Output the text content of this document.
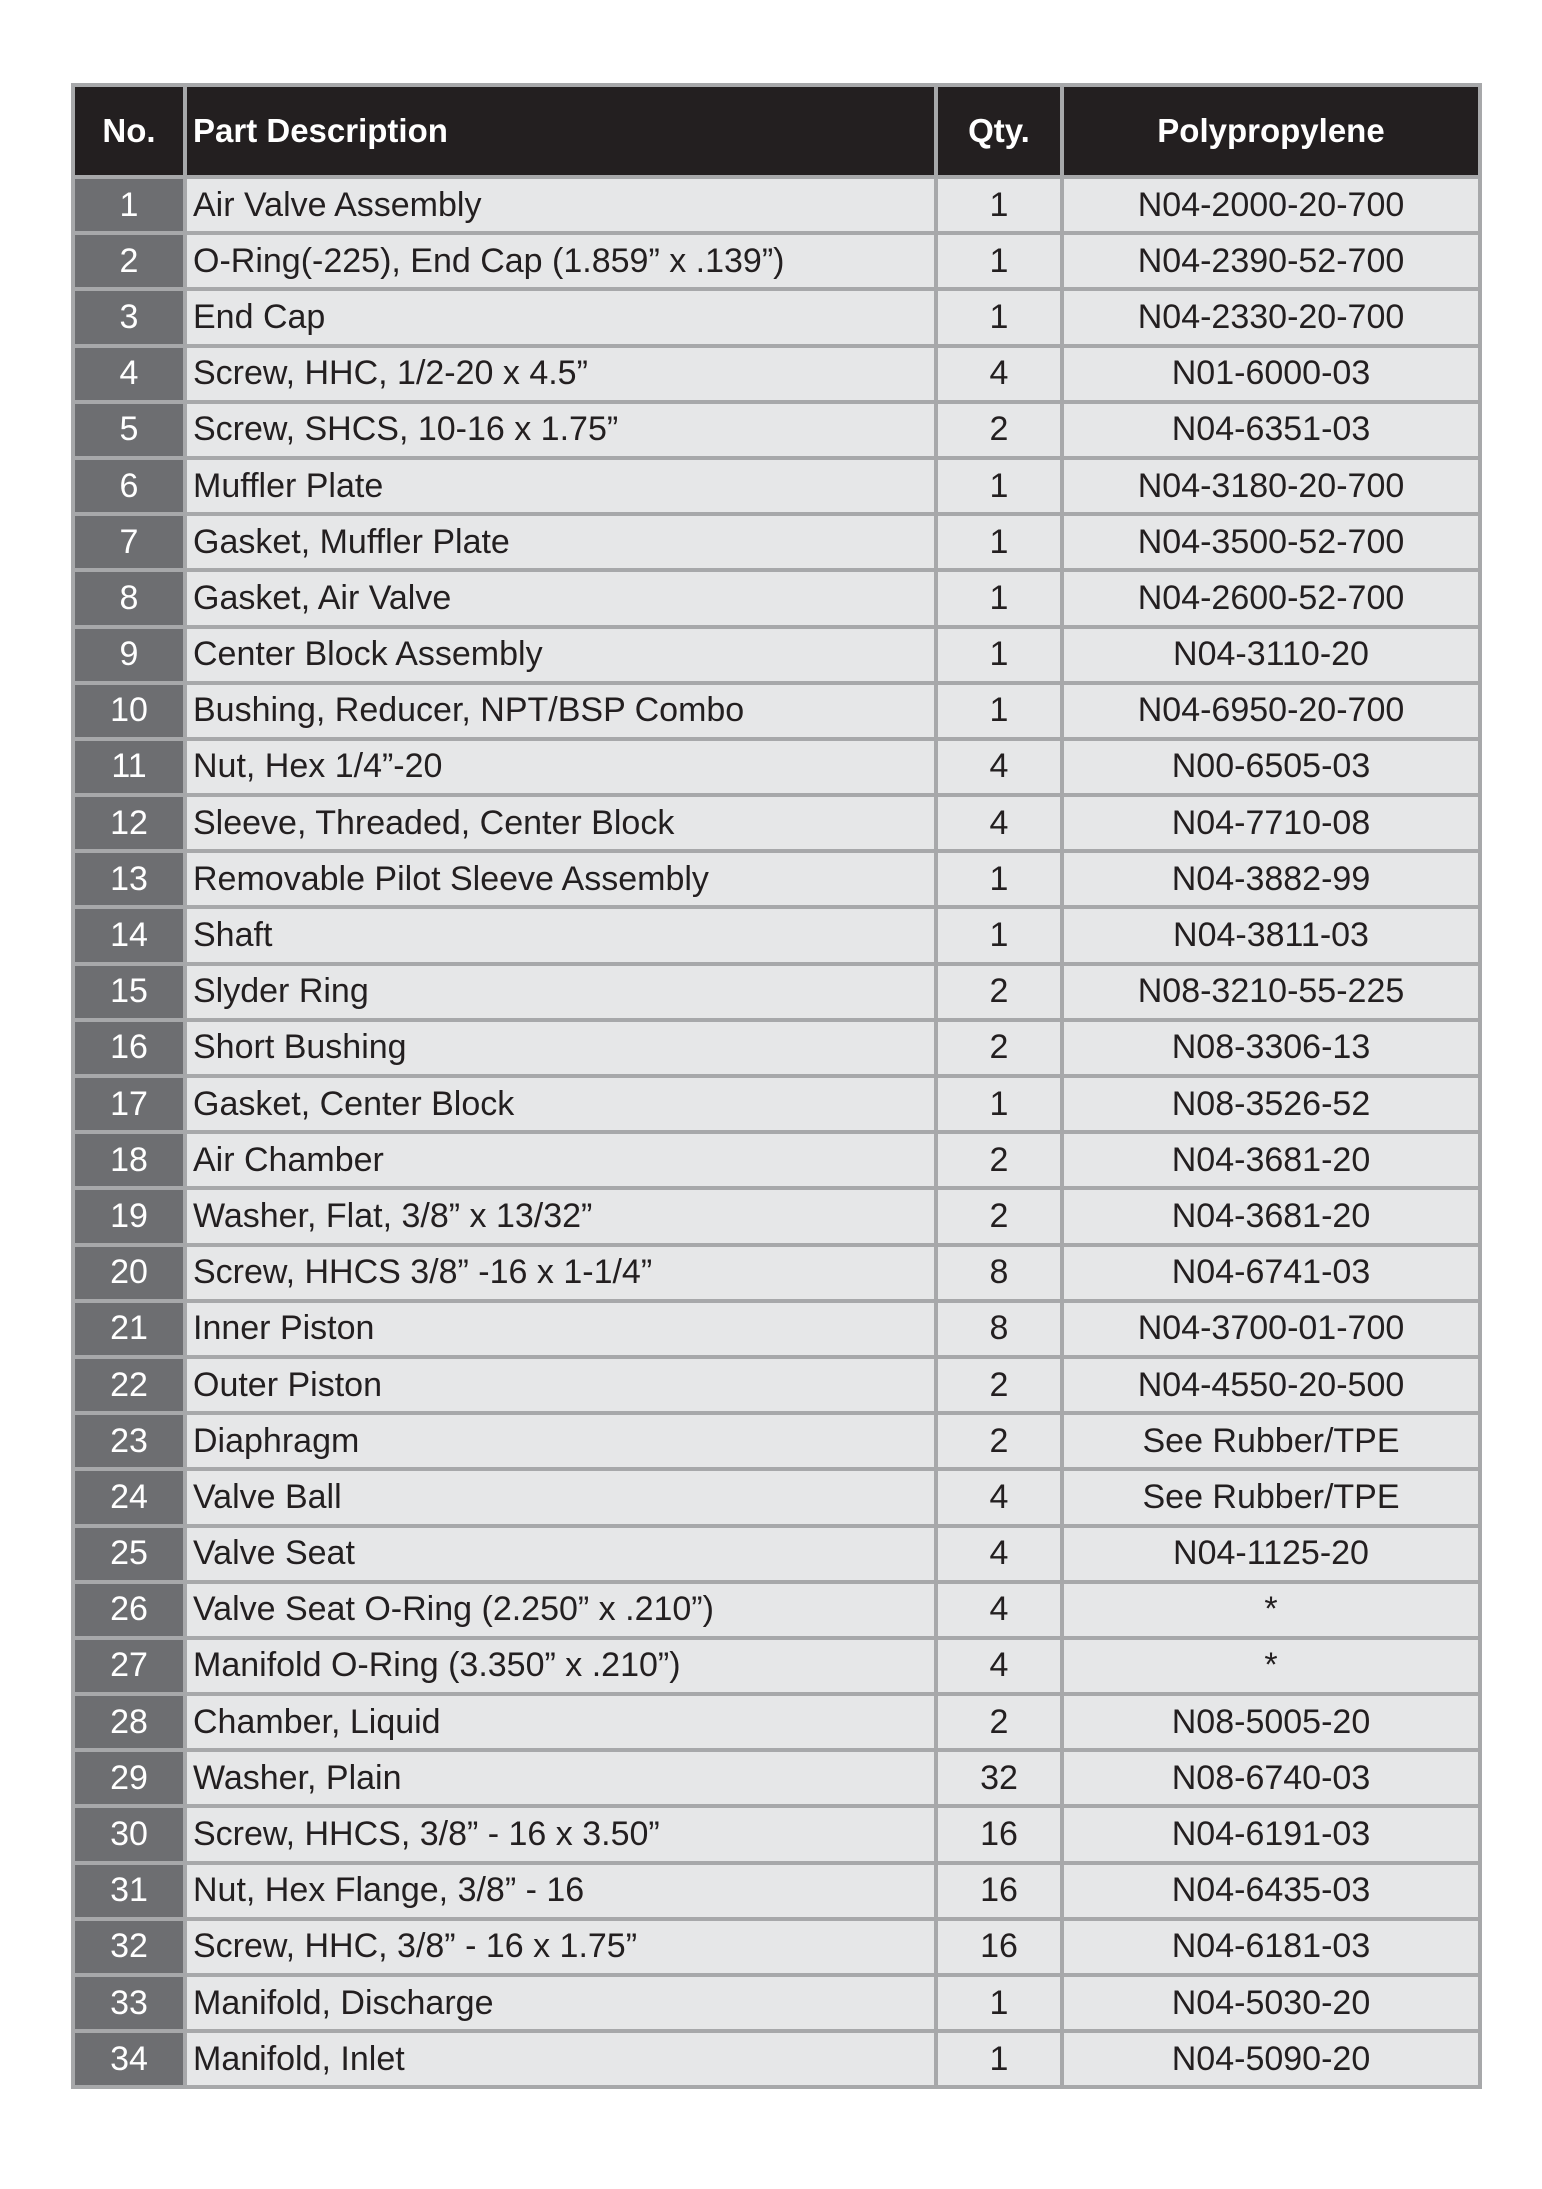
No.	Part Description	Qty.	Polypropylene
1	Air Valve Assembly	1	N04-2000-20-700
2	O-Ring(-225), End Cap (1.859” x .139”)	1	N04-2390-52-700
3	End Cap	1	N04-2330-20-700
4	Screw, HHC, 1/2-20 x 4.5”	4	N01-6000-03
5	Screw, SHCS, 10-16 x 1.75”	2	N04-6351-03
6	Muffler Plate	1	N04-3180-20-700
7	Gasket, Muffler Plate	1	N04-3500-52-700
8	Gasket, Air Valve	1	N04-2600-52-700
9	Center Block Assembly	1	N04-3110-20
10	Bushing, Reducer, NPT/BSP Combo	1	N04-6950-20-700
11	Nut, Hex 1/4”-20	4	N00-6505-03
12	Sleeve, Threaded, Center Block	4	N04-7710-08
13	Removable Pilot Sleeve Assembly	1	N04-3882-99
14	Shaft	1	N04-3811-03
15	Slyder Ring	2	N08-3210-55-225
16	Short Bushing	2	N08-3306-13
17	Gasket, Center Block	1	N08-3526-52
18	Air Chamber	2	N04-3681-20
19	Washer, Flat, 3/8” x 13/32”	2	N04-3681-20
20	Screw, HHCS 3/8” -16 x 1-1/4”	8	N04-6741-03
21	Inner Piston	8	N04-3700-01-700
22	Outer Piston	2	N04-4550-20-500
23	Diaphragm	2	See Rubber/TPE
24	Valve Ball	4	See Rubber/TPE
25	Valve Seat	4	N04-1125-20
26	Valve Seat O-Ring (2.250” x .210”)	4	*
27	Manifold O-Ring (3.350” x .210”)	4	*
28	Chamber, Liquid	2	N08-5005-20
29	Washer, Plain	32	N08-6740-03
30	Screw, HHCS, 3/8” - 16 x 3.50”	16	N04-6191-03
31	Nut, Hex Flange, 3/8” - 16	16	N04-6435-03
32	Screw, HHC, 3/8” - 16 x 1.75”	16	N04-6181-03
33	Manifold, Discharge	1	N04-5030-20
34	Manifold, Inlet	1	N04-5090-20
